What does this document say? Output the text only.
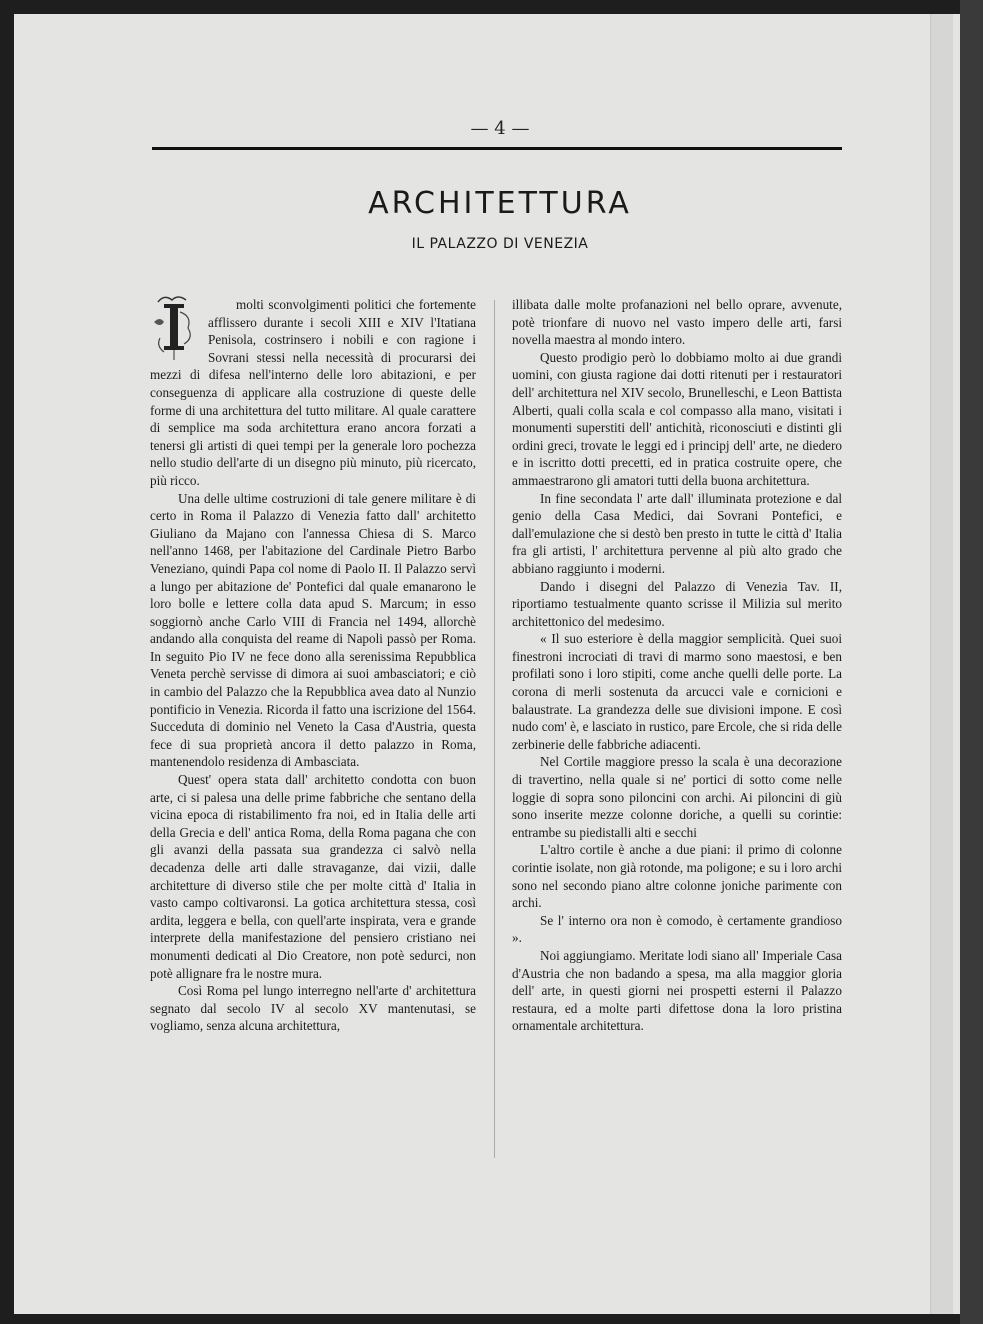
— 4 —
ARCHITETTURA
IL PALAZZO DI VENEZIA

molti sconvolgimenti politici che fortemente afflissero durante i secoli XIII e XIV l'Itatiana Penisola, costrinsero i nobili e con ragione i Sovrani stessi nella necessità di procurarsi dei mezzi di difesa nell'interno delle loro abitazioni, e per conseguenza di applicare alla costruzione di queste delle forme di una architettura del tutto militare. Al quale carattere di semplice ma soda architettura erano ancora forzati a tenersi gli artisti di quei tempi per la generale loro pochezza nello studio dell'arte di un disegno più minuto, più ricercato, più ricco.

Una delle ultime costruzioni di tale genere militare è di certo in Roma il Palazzo di Venezia fatto dall' architetto Giuliano da Majano con l'annessa Chiesa di S. Marco nell'anno 1468, per l'abitazione del Cardinale Pietro Barbo Veneziano, quindi Papa col nome di Paolo II. Il Palazzo servì a lungo per abitazione de' Pontefici dal quale emanarono le loro bolle e lettere colla data apud S. Marcum; in esso soggiornò anche Carlo VIII di Francia nel 1494, allorchè andando alla conquista del reame di Napoli passò per Roma. In seguito Pio IV ne fece dono alla serenissima Repubblica Veneta perchè servisse di dimora ai suoi ambasciatori; e ciò in cambio del Palazzo che la Repubblica avea dato al Nunzio pontificio in Venezia. Ricorda il fatto una iscrizione del 1564. Succeduta di dominio nel Veneto la Casa d'Austria, questa fece di sua proprietà ancora il detto palazzo in Roma, mantenendolo residenza di Ambasciata.

Quest' opera stata dall' architetto condotta con buon arte, ci si palesa una delle prime fabbriche che sentano della vicina epoca di ristabilimento fra noi, ed in Italia delle arti della Grecia e dell' antica Roma, della Roma pagana che con gli avanzi della passata sua grandezza ci salvò nella decadenza delle arti dalle stravaganze, dai vizii, dalle architetture di diverso stile che per molte città d' Italia in vasto campo coltivaronsi. La gotica architettura stessa, così ardita, leggera e bella, con quell'arte inspirata, vera e grande interprete della manifestazione del pensiero cristiano nei monumenti dedicati al Dio Creatore, non potè sedurci, non potè allignare fra le nostre mura.

Così Roma pel lungo interregno nell'arte d' architettura segnato dal secolo IV al secolo XV mantenutasi, se vogliamo, senza alcuna architettura,

illibata dalle molte profanazioni nel bello oprare, avvenute, potè trionfare di nuovo nel vasto impero delle arti, farsi novella maestra al mondo intero.

Questo prodigio però lo dobbiamo molto ai due grandi uomini, con giusta ragione dai dotti ritenuti per i restauratori dell' architettura nel XIV secolo, Brunelleschi, e Leon Battista Alberti, quali colla scala e col compasso alla mano, visitati i monumenti superstiti dell' antichità, riconosciuti e distinti gli ordini greci, trovate le leggi ed i principj dell' arte, ne diedero e in iscritto dotti precetti, ed in pratica costruite opere, che ammaestrarono gli amatori tutti della buona architettura.

In fine secondata l' arte dall' illuminata protezione e dal genio della Casa Medici, dai Sovrani Pontefici, e dall'emulazione che si destò ben presto in tutte le città d' Italia fra gli artisti, l' architettura pervenne al più alto grado che abbiano raggiunto i moderni.

Dando i disegni del Palazzo di Venezia Tav. II, riportiamo testualmente quanto scrisse il Milizia sul merito architettonico del medesimo.

« Il suo esteriore è della maggior semplicità. Quei suoi finestroni incrociati di travi di marmo sono maestosi, e ben profilati sono i loro stipiti, come anche quelli delle porte. La corona di merli sostenuta da arcucci vale e cornicioni e balaustrate. La grandezza delle sue divisioni impone. E così nudo com' è, e lasciato in rustico, pare Ercole, che si rida delle zerbinerie delle fabbriche adiacenti.

Nel Cortile maggiore presso la scala è una decorazione di travertino, nella quale si ne' portici di sotto come nelle loggie di sopra sono piloncini con archi. Ai piloncini di giù sono inserite mezze colonne doriche, a quelli su corintie: entrambe su piedistalli alti e secchi

L'altro cortile è anche a due piani: il primo di colonne corintie isolate, non già rotonde, ma poligone; e su i loro archi sono nel secondo piano altre colonne joniche parimente con archi.

Se l' interno ora non è comodo, è certamente grandioso ».

Noi aggiungiamo. Meritate lodi siano all' Imperiale Casa d'Austria che non badando a spesa, ma alla maggior gloria dell' arte, in questi giorni nei prospetti esterni il Palazzo restaura, ed a molte parti difettose dona la loro pristina ornamentale architettura.
